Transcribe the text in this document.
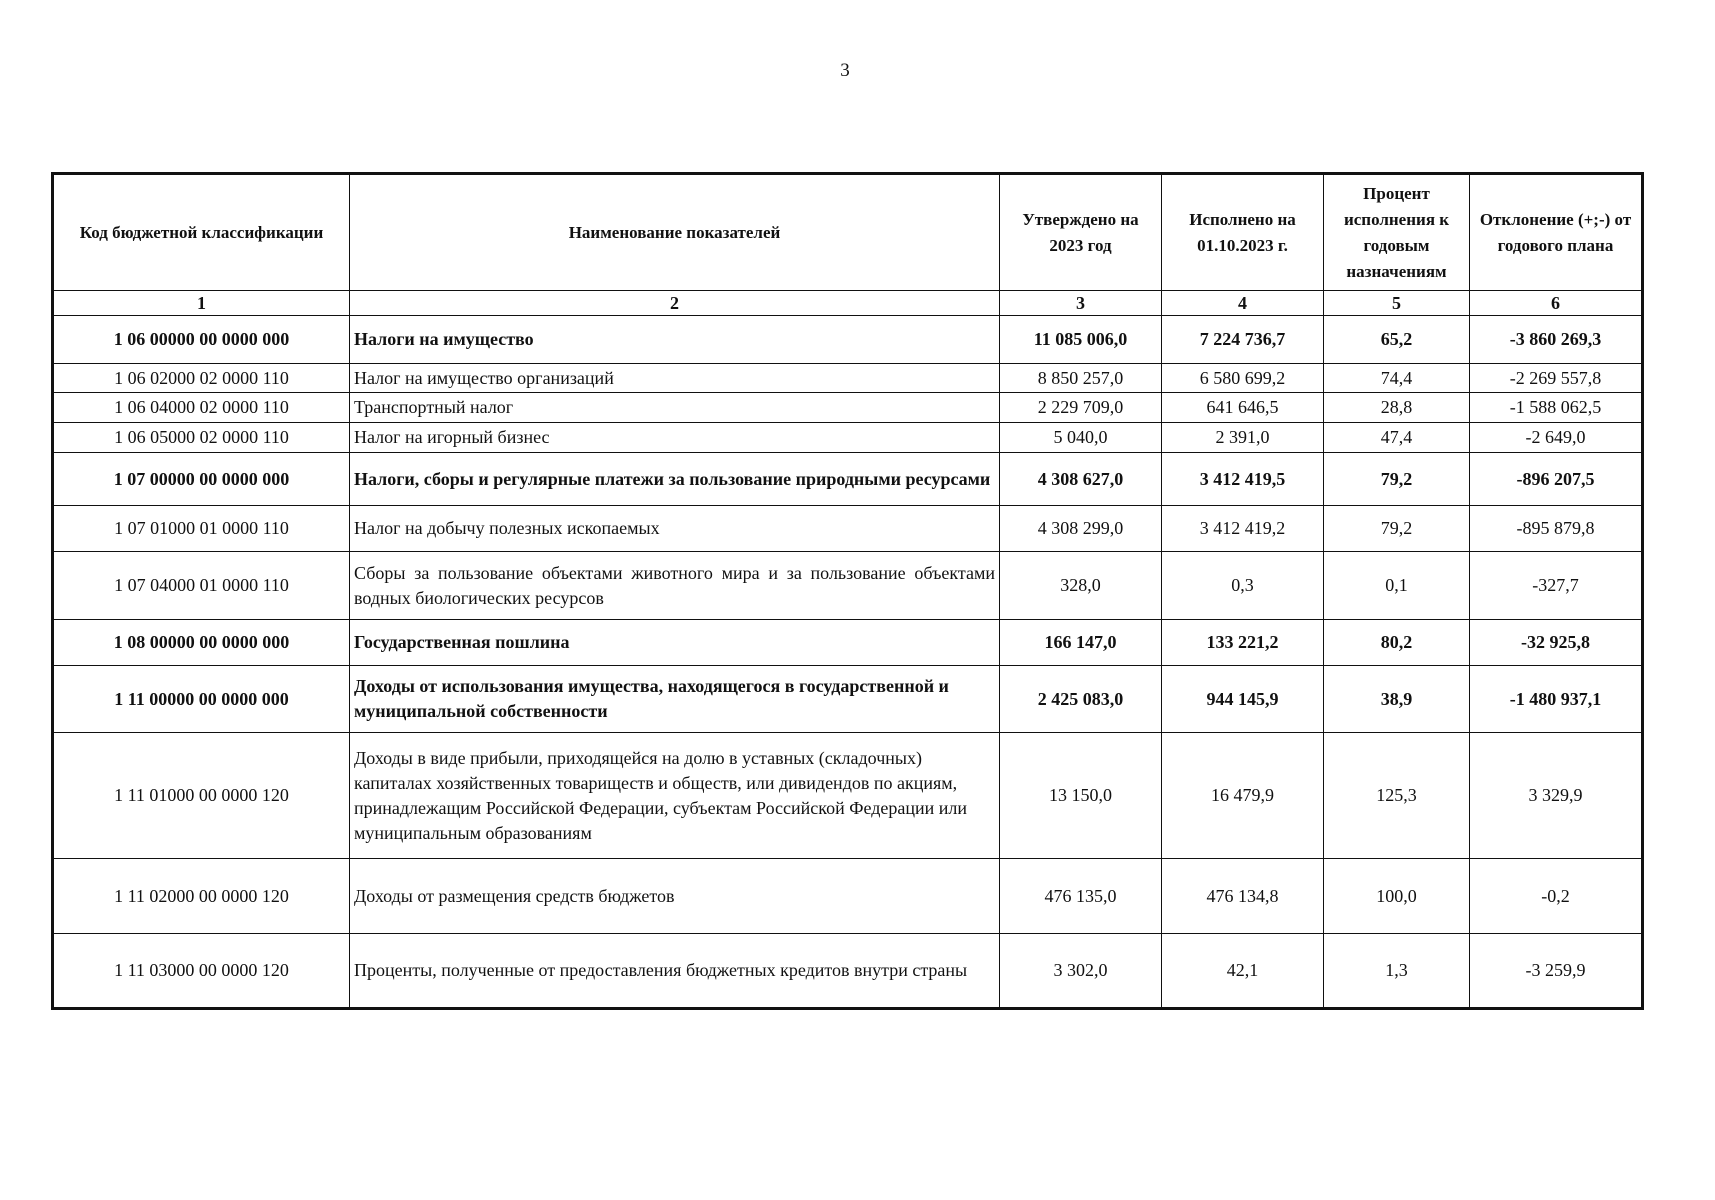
3
Код бюджетной классификации	Наименование показателей	Утверждено на 2023 год	Исполнено на 01.10.2023 г.	Процент исполнения к годовым назначениям	Отклонение (+;-) от годового плана
1	2	3	4	5	6
1 06 00000 00 0000 000	Налоги на имущество	11 085 006,0	7 224 736,7	65,2	-3 860 269,3
1 06 02000 02 0000 110	Налог на имущество организаций	8 850 257,0	6 580 699,2	74,4	-2 269 557,8
1 06 04000 02 0000 110	Транспортный налог	2 229 709,0	641 646,5	28,8	-1 588 062,5
1 06 05000 02 0000 110	Налог на игорный бизнес	5 040,0	2 391,0	47,4	-2 649,0
1 07 00000 00 0000 000	Налоги, сборы и регулярные платежи за пользование природными ресурсами	4 308 627,0	3 412 419,5	79,2	-896 207,5
1 07 01000 01 0000 110	Налог на добычу полезных ископаемых	4 308 299,0	3 412 419,2	79,2	-895 879,8
1 07 04000 01 0000 110	Сборы за пользование объектами животного мира и за пользование объектами водных биологических ресурсов	328,0	0,3	0,1	-327,7
1 08 00000 00 0000 000	Государственная пошлина	166 147,0	133 221,2	80,2	-32 925,8
1 11 00000 00 0000 000	Доходы от использования имущества, находящегося в государственной и муниципальной собственности	2 425 083,0	944 145,9	38,9	-1 480 937,1
1 11 01000 00 0000 120	Доходы в виде прибыли, приходящейся на долю в уставных (складочных) капиталах хозяйственных товариществ и обществ, или дивидендов по акциям, принадлежащим Российской Федерации, субъектам Российской Федерации или муниципальным образованиям	13 150,0	16 479,9	125,3	3 329,9
1 11 02000 00 0000 120	Доходы от размещения средств бюджетов	476 135,0	476 134,8	100,0	-0,2
1 11 03000 00 0000 120	Проценты, полученные от предоставления бюджетных кредитов внутри страны	3 302,0	42,1	1,3	-3 259,9
